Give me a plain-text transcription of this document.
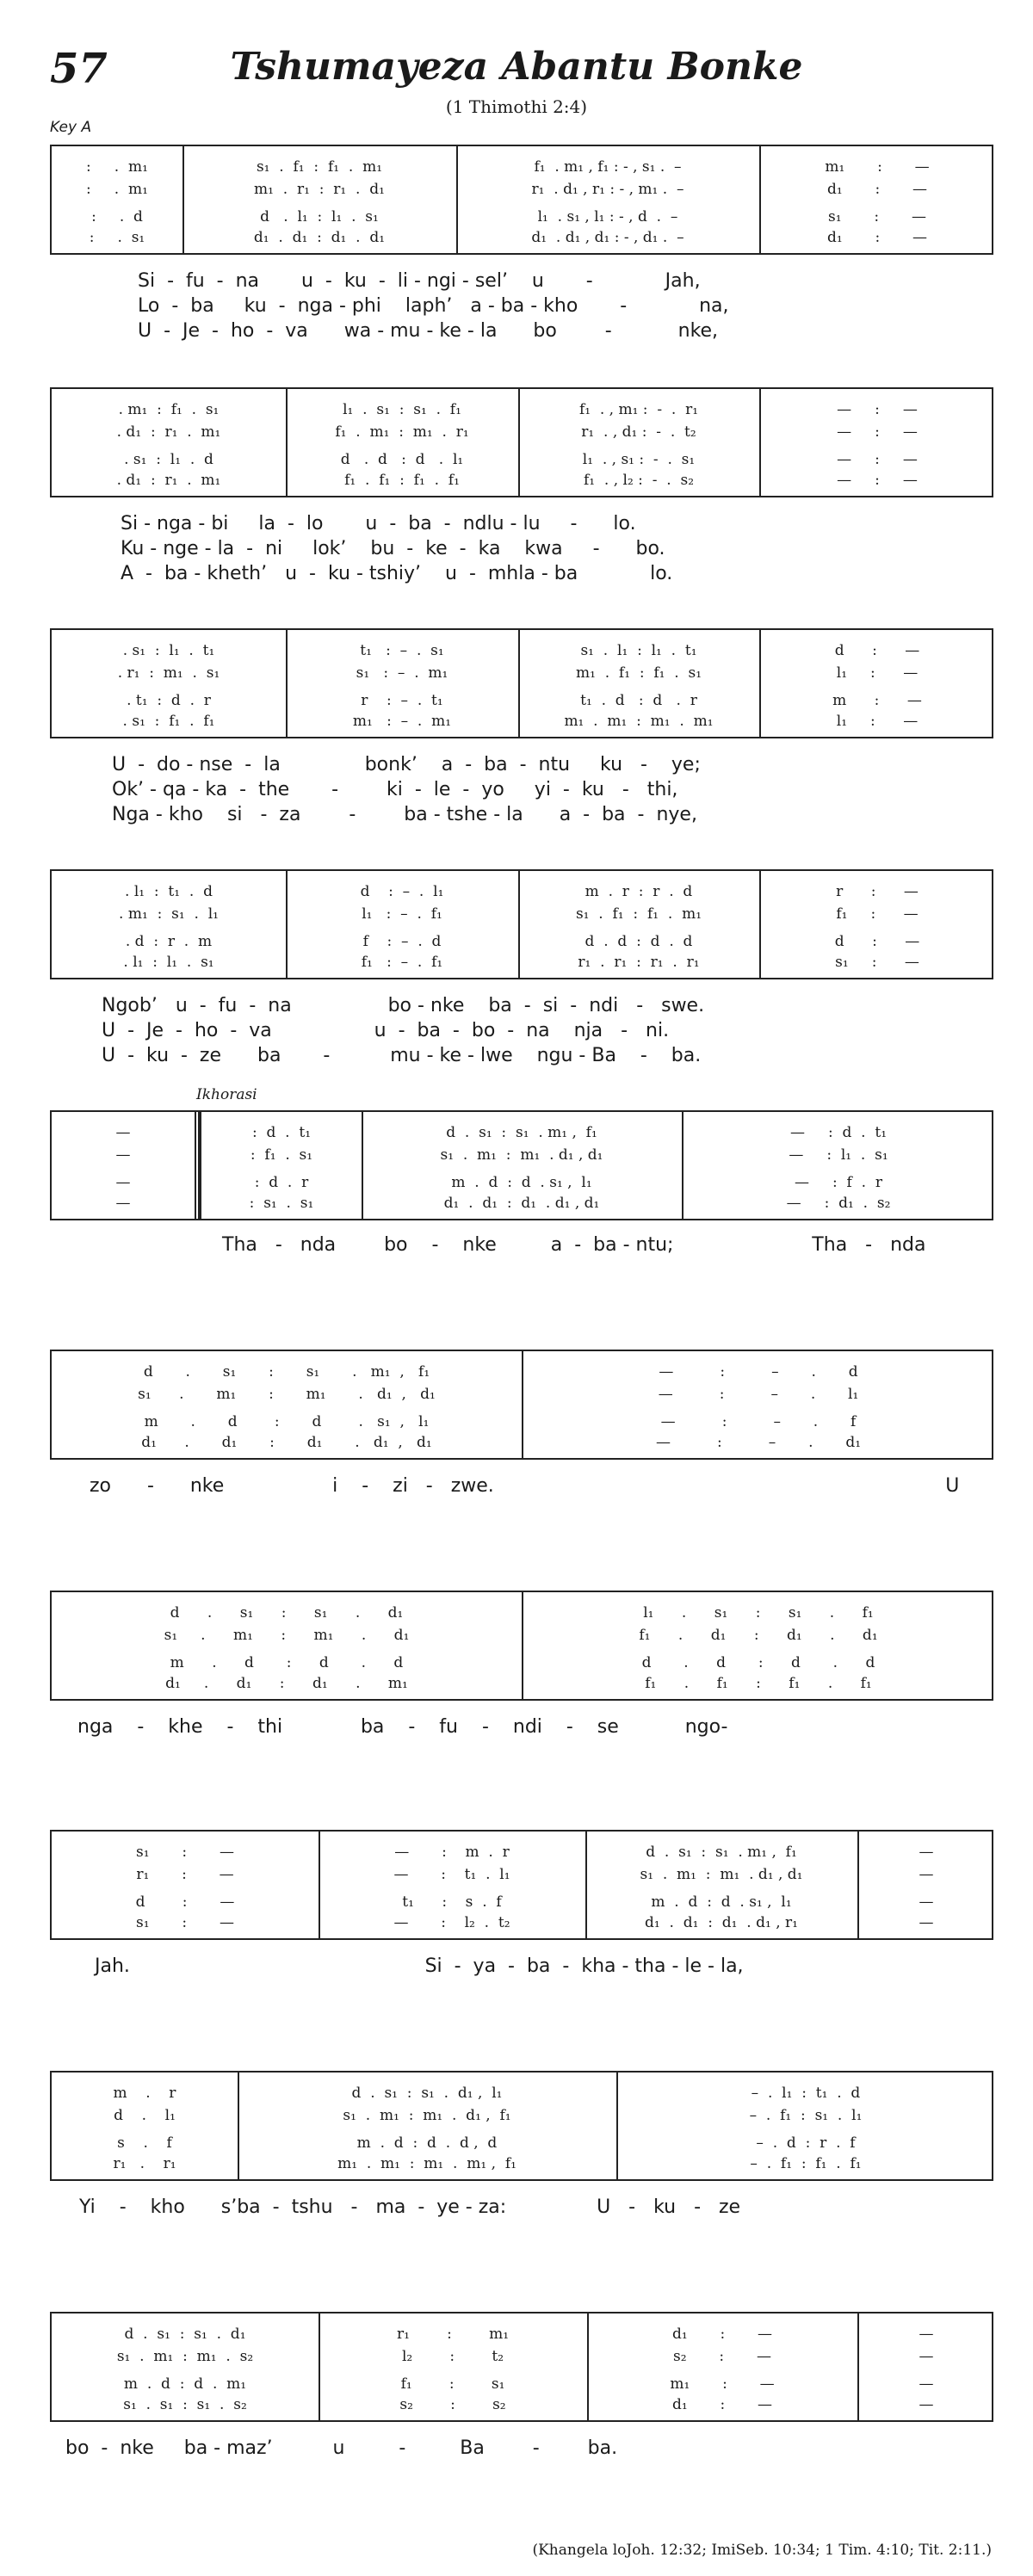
57	Tshumayeza Abantu Bonke
(1 Thimothi 2:4)
Key A
Ikhorasi
:     .  m₁	s₁  .  f₁  :  f₁  .  m₁	f₁  . m₁ , f₁ : - , s₁ .  –	m₁       :       —
:     .  m₁	m₁  .  r₁  :  r₁  .  d₁	r₁  . d₁ , r₁ : - , m₁ .  –	d₁       :       —
:     .  d	d   .  l₁  :  l₁  .  s₁	l₁  . s₁ , l₁ : - , d  .  –	s₁       :       —
:     .  s₁	d₁  .  d₁  :  d₁  .  d₁	d₁  . d₁ , d₁ : - , d₁ .  –	d₁       :       —
Si  -  fu  -  na       u  -  ku  -  li - ngi - sel’    u       -            Jah,
Lo  -  ba     ku  -  nga - phi    laph’   a - ba - kho       -            na,
U  -  Je  -  ho  -  va      wa - mu - ke - la      bo        -           nke,
. m₁  :  f₁  .  s₁	l₁  .  s₁  :  s₁  .  f₁	f₁  . , m₁ :  -  .  r₁	—     :     —
. d₁  :  r₁  .  m₁	f₁  .  m₁  :  m₁  .  r₁	r₁  . , d₁ :  -  .  t₂	—     :     —
. s₁  :  l₁  .  d	d   .  d   :  d   .  l₁	l₁  . , s₁ :  -  .  s₁	—     :     —
. d₁  :  r₁  .  m₁	f₁  .  f₁  :  f₁  .  f₁	f₁  . , l₂ :  -  .  s₂	—     :     —
Si - nga - bi     la  -  lo       u  -  ba  -  ndlu - lu     -      lo.
Ku - nge - la  -  ni     lok’    bu  -  ke  -  ka    kwa     -      bo.
A  -  ba - kheth’   u  -  ku - tshiy’    u  -  mhla - ba            lo.
. s₁  :  l₁  .  t₁	t₁   :  –  .  s₁	s₁  .  l₁  :  l₁  .  t₁	d      :      —
. r₁  :  m₁  .  s₁	s₁   :  –  .  m₁	m₁  .  f₁  :  f₁  .  s₁	l₁     :      —
. t₁  :  d  .  r	r    :  –  .  t₁	t₁  .  d   :  d   .  r	m      :      —
. s₁  :  f₁  .  f₁	m₁   :  –  .  m₁	m₁  .  m₁  :  m₁  .  m₁	l₁     :      —
U  -  do - nse  -  la              bonk’    a  -  ba  -  ntu     ku   -    ye;
Ok’ - qa - ka  -  the       -        ki  -  le  -  yo     yi  -  ku   -   thi,
Nga - kho    si   -  za        -        ba - tshe - la      a  -  ba  -  nye,
. l₁  :  t₁  .  d	d    :  –  .  l₁	m  .  r  :  r  .  d	r      :      —
. m₁  :  s₁  .  l₁	l₁   :  –  .  f₁	s₁  .  f₁  :  f₁  .  m₁	f₁     :      —
. d  :  r  .  m	f    :  –  .  d	d  .  d  :  d  .  d	d      :      —
. l₁  :  l₁  .  s₁	f₁   :  –  .  f₁	r₁  .  r₁  :  r₁  .  r₁	s₁     :      —
Ngob’   u  -  fu  -  na                bo - nke    ba  -  si  -  ndi   -   swe.
U  -  Je  -  ho  -  va                 u  -  ba  -  bo  -  na    nja   -   ni.
U  -  ku  -  ze      ba       -          mu - ke - lwe    ngu - Ba    -    ba.
—	:  d  .  t₁	d  .  s₁  :  s₁  . m₁ ,  f₁	—     :  d  .  t₁
—	:  f₁  .  s₁	s₁  .  m₁  :  m₁  . d₁ , d₁	—     :  l₁  .  s₁
—	:  d  .  r	m  .  d  :  d  . s₁ ,  l₁	—     :  f  .  r
—	:  s₁  .  s₁	d₁  .  d₁  :  d₁  . d₁ , d₁	—     :  d₁  .  s₂
Tha   -   nda        bo    -    nke         a  -  ba - ntu;                       Tha   -   nda
d       .       s₁       :       s₁       .   m₁  ,   f₁	—          :          –       .       d
s₁      .       m₁       :       m₁       .   d₁  ,   d₁	—          :          –       .       l₁
m       .       d        :       d        .   s₁  ,   l₁	—          :          –       .       f
d₁      .       d₁       :       d₁       .   d₁  ,   d₁	—          :          –       .       d₁
zo      -      nke                  i    -    zi   -   zwe.                                                                           U
d      .      s₁      :      s₁      .      d₁	l₁      .      s₁      :      s₁      .      f₁
s₁     .      m₁      :      m₁      .      d₁	f₁      .      d₁      :      d₁      .      d₁
m      .      d       :      d       .      d	d       .      d       :      d       .      d
d₁     .      d₁      :      d₁      .      m₁	f₁      .      f₁      :      f₁      .      f₁
nga    -    khe    -    thi             ba    -    fu    -    ndi    -    se           ngo-
s₁       :       —	—       :    m  .  r	d  .  s₁  :  s₁  . m₁ ,  f₁	—
r₁       :       —	—       :    t₁  .  l₁	s₁  .  m₁  :  m₁  . d₁ , d₁	—
d        :       —	t₁      :    s  .  f	m  .  d  :  d  . s₁ ,  l₁	—
s₁       :       —	—       :    l₂  .  t₂	d₁  .  d₁  :  d₁  . d₁ , r₁	—
Jah.                                                 Si  -  ya  -  ba  -  kha - tha - le - la,
m    .    r	d  .  s₁  :  s₁  .  d₁ ,  l₁	–  .  l₁  :  t₁  .  d
d    .    l₁	s₁  .  m₁  :  m₁  .  d₁ ,  f₁	–  .  f₁  :  s₁  .  l₁
s    .    f	m  .  d  :  d  .  d ,  d	–  .  d  :  r  .  f
r₁   .    r₁	m₁  .  m₁  :  m₁  .  m₁ ,  f₁	–  .  f₁  :  f₁  .  f₁
Yi    -    kho      s’ba  -  tshu   -   ma  -  ye - za:               U   -   ku   -   ze
d  .  s₁  :  s₁  .  d₁	r₁        :        m₁	d₁       :       —	—
s₁  .  m₁  :  m₁  .  s₂	l₂        :        t₂	s₂       :       —	—
m  .  d  :  d  .  m₁	f₁        :        s₁	m₁       :       —	—
s₁  .  s₁  :  s₁  .  s₂	s₂        :        s₂	d₁       :       —	—
bo  -  nke     ba - maz’          u         -         Ba        -        ba.
(Khangela loJoh. 12:32; ImiSeb. 10:34; 1 Tim. 4:10; Tit. 2:11.)
